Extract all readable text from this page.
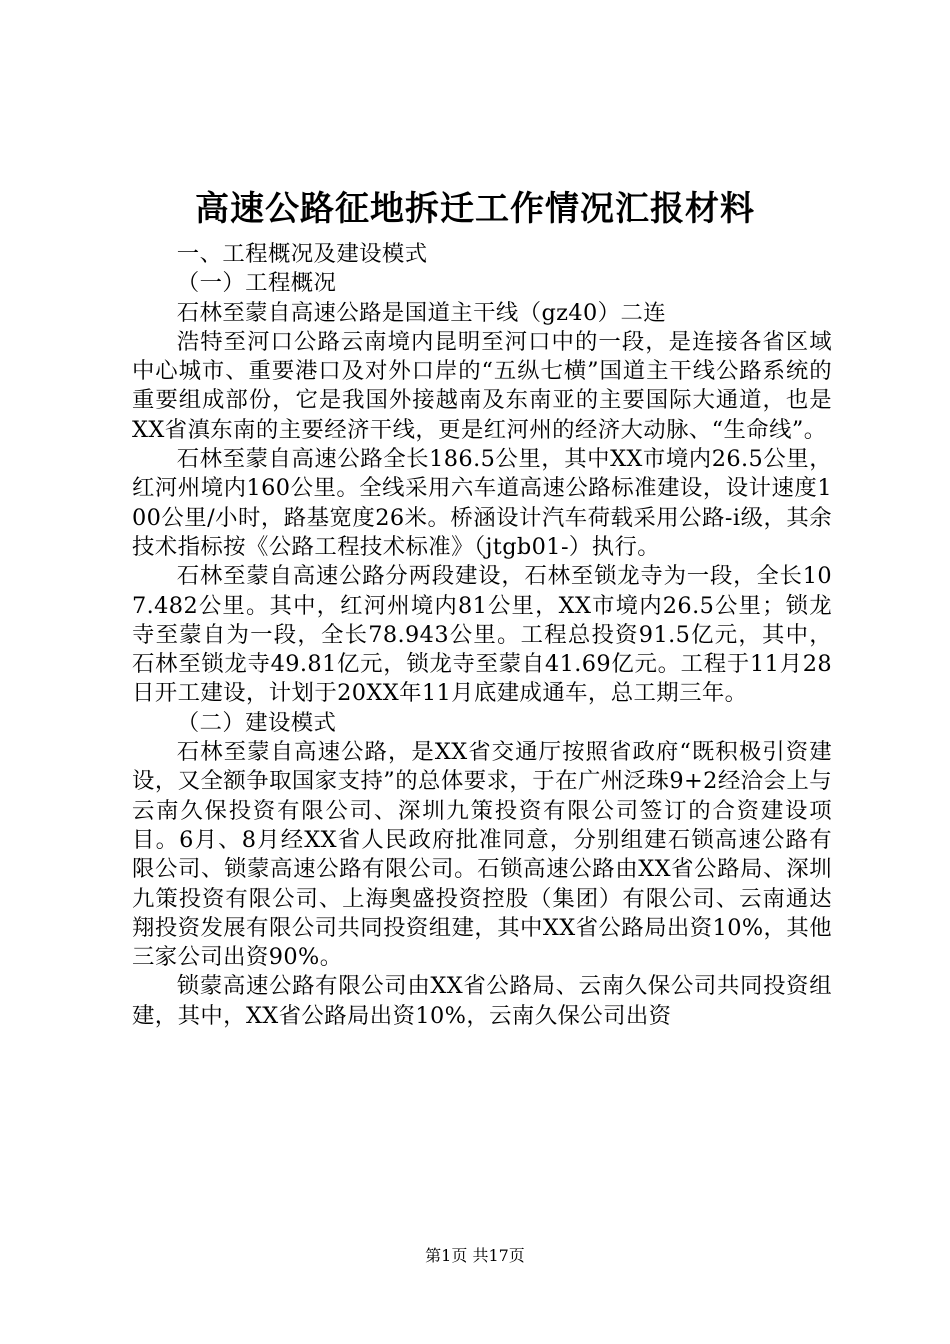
高速公路征地拆迁工作情况汇报材料

一、工程概况及建设模式

（一）工程概况

石林至蒙自高速公路是国道主干线（gz40）二连

浩特至河口公路云南境内昆明至河口中的一段，是连接各省区域中心城市、重要港口及对外口岸的“五纵七横”国道主干线公路系统的重要组成部份，它是我国外接越南及东南亚的主要国际大通道，也是XX省滇东南的主要经济干线，更是红河州的经济大动脉、“生命线”。

石林至蒙自高速公路全长186.5公里，其中XX市境内26.5公里，红河州境内160公里。全线采用六车道高速公路标准建设，设计速度100公里/小时，路基宽度26米。桥涵设计汽车荷载采用公路-ⅰ级，其余技术指标按《公路工程技术标准》（jtgb01-）执行。

石林至蒙自高速公路分两段建设，石林至锁龙寺为一段，全长107.482公里。其中，红河州境内81公里，XX市境内26.5公里；锁龙寺至蒙自为一段，全长78.943公里。工程总投资91.5亿元，其中，石林至锁龙寺49.81亿元，锁龙寺至蒙自41.69亿元。工程于11月28日开工建设，计划于20XX年11月底建成通车，总工期三年。

（二）建设模式

石林至蒙自高速公路，是XX省交通厅按照省政府“既积极引资建设，又全额争取国家支持”的总体要求，于在广州泛珠9+2经洽会上与云南久保投资有限公司、深圳九策投资有限公司签订的合资建设项目。6月、8月经XX省人民政府批准同意，分别组建石锁高速公路有限公司、锁蒙高速公路有限公司。石锁高速公路由XX省公路局、深圳九策投资有限公司、上海奥盛投资控股（集团）有限公司、云南通达翔投资发展有限公司共同投资组建，其中XX省公路局出资10%，其他三家公司出资90%。

锁蒙高速公路有限公司由XX省公路局、云南久保公司共同投资组建，其中，XX省公路局出资10%，云南久保公司出资

第1页 共17页
